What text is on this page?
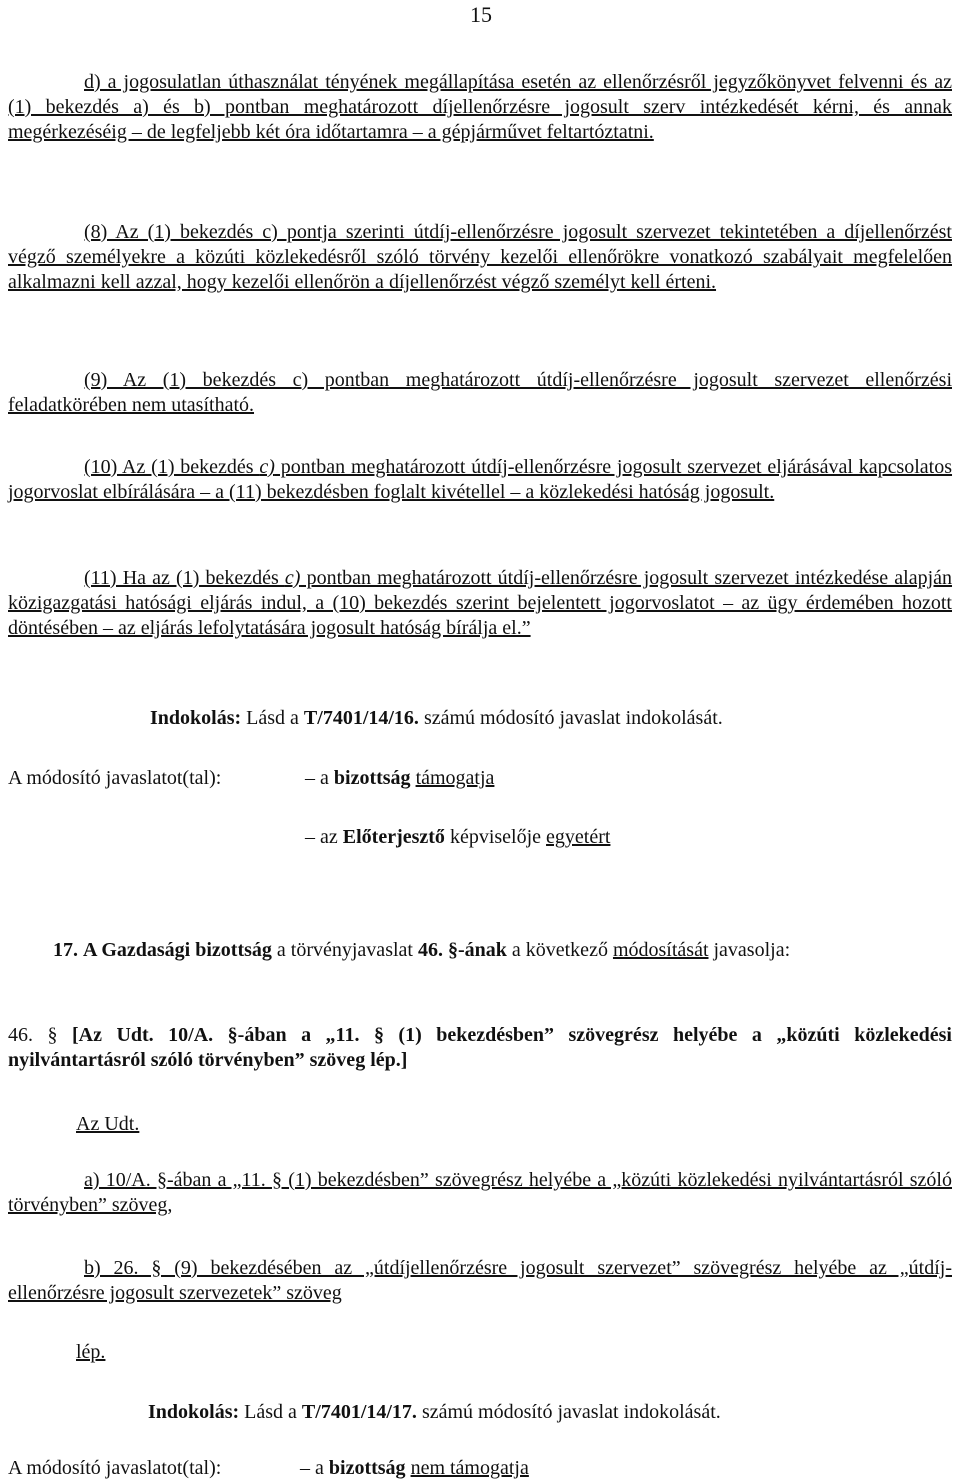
15

d) a jogosulatlan úthasználat tényének megállapítása esetén az ellenőrzésről jegyzőkönyvet felvenni és az (1) bekezdés a) és b) pontban meghatározott díjellenőrzésre jogosult szerv intézkedését kérni, és annak megérkezéséig – de legfeljebb két óra időtartamra – a gépjárművet feltartóztatni.

(8) Az (1) bekezdés c) pontja szerinti útdíj-ellenőrzésre jogosult szervezet tekintetében a díjellenőrzést végző személyekre a közúti közlekedésről szóló törvény kezelői ellenőrökre vonatkozó szabályait megfelelően alkalmazni kell azzal, hogy kezelői ellenőrön a díjellenőrzést végző személyt kell érteni.

(9) Az (1) bekezdés c) pontban meghatározott útdíj-ellenőrzésre jogosult szervezet ellenőrzési feladatkörében nem utasítható.

(10) Az (1) bekezdés c) pontban meghatározott útdíj-ellenőrzésre jogosult szervezet eljárásával kapcsolatos jogorvoslat elbírálására – a (11) bekezdésben foglalt kivétellel – a közlekedési hatóság jogosult.

(11) Ha az (1) bekezdés c) pontban meghatározott útdíj-ellenőrzésre jogosult szervezet intézkedése alapján közigazgatási hatósági eljárás indul, a (10) bekezdés szerint bejelentett jogorvoslatot – az ügy érdemében hozott döntésében – az eljárás lefolytatására jogosult hatóság bírálja el.”

Indokolás: Lásd a T/7401/14/16. számú módosító javaslat indokolását.
A módosító javaslatot(tal):	– a bizottság támogatja
– az Előterjesztő képviselője egyetért

17. A Gazdasági bizottság a törvényjavaslat 46. §-ának a következő módosítását javasolja:

46. § [Az Udt. 10/A. §-ában a „11. § (1) bekezdésben” szövegrész helyébe a „közúti közlekedési nyilvántartásról szóló törvényben” szöveg lép.]

Az Udt.

a) 10/A. §-ában a „11. § (1) bekezdésben” szövegrész helyébe a „közúti közlekedési nyilvántartásról szóló törvényben” szöveg,

b) 26. § (9) bekezdésében az „útdíjellenőrzésre jogosult szervezet” szövegrész helyébe az „útdíj-ellenőrzésre jogosult szervezetek” szöveg

lép.
Indokolás: Lásd a T/7401/14/17. számú módosító javaslat indokolását.
A módosító javaslatot(tal):	– a bizottság nem támogatja
